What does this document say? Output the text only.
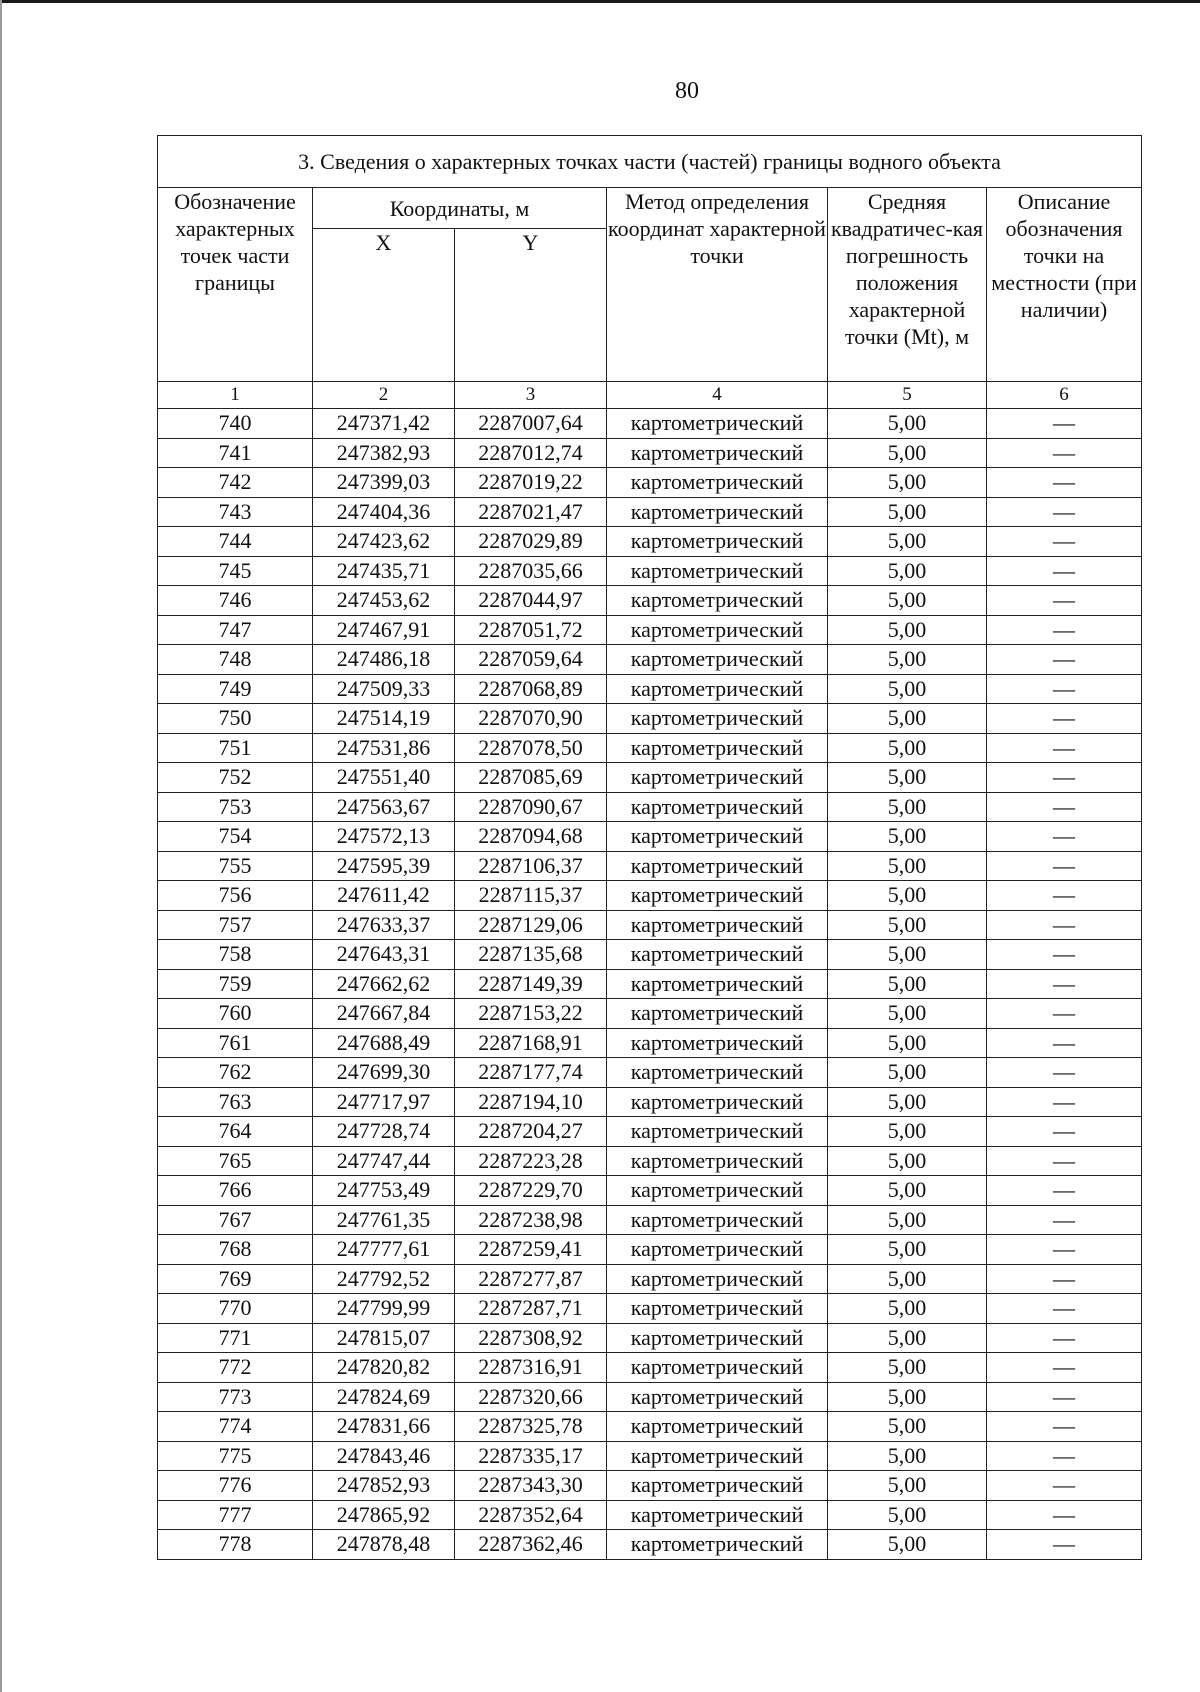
80
3. Сведения о характерных точках части (частей) границы водного объекта					
Обозначение характерных точек части границы	Координаты, м		Метод определения координат характерной точки	Средняя квадратичес-кая погрешность положения характерной точки (Mt), м	Описание обозначения точки на местности (при наличии)
	X	Y			
1	2	3	4	5	6
740	247371,42	2287007,64	картометрический	5,00	—
741	247382,93	2287012,74	картометрический	5,00	—
742	247399,03	2287019,22	картометрический	5,00	—
743	247404,36	2287021,47	картометрический	5,00	—
744	247423,62	2287029,89	картометрический	5,00	—
745	247435,71	2287035,66	картометрический	5,00	—
746	247453,62	2287044,97	картометрический	5,00	—
747	247467,91	2287051,72	картометрический	5,00	—
748	247486,18	2287059,64	картометрический	5,00	—
749	247509,33	2287068,89	картометрический	5,00	—
750	247514,19	2287070,90	картометрический	5,00	—
751	247531,86	2287078,50	картометрический	5,00	—
752	247551,40	2287085,69	картометрический	5,00	—
753	247563,67	2287090,67	картометрический	5,00	—
754	247572,13	2287094,68	картометрический	5,00	—
755	247595,39	2287106,37	картометрический	5,00	—
756	247611,42	2287115,37	картометрический	5,00	—
757	247633,37	2287129,06	картометрический	5,00	—
758	247643,31	2287135,68	картометрический	5,00	—
759	247662,62	2287149,39	картометрический	5,00	—
760	247667,84	2287153,22	картометрический	5,00	—
761	247688,49	2287168,91	картометрический	5,00	—
762	247699,30	2287177,74	картометрический	5,00	—
763	247717,97	2287194,10	картометрический	5,00	—
764	247728,74	2287204,27	картометрический	5,00	—
765	247747,44	2287223,28	картометрический	5,00	—
766	247753,49	2287229,70	картометрический	5,00	—
767	247761,35	2287238,98	картометрический	5,00	—
768	247777,61	2287259,41	картометрический	5,00	—
769	247792,52	2287277,87	картометрический	5,00	—
770	247799,99	2287287,71	картометрический	5,00	—
771	247815,07	2287308,92	картометрический	5,00	—
772	247820,82	2287316,91	картометрический	5,00	—
773	247824,69	2287320,66	картометрический	5,00	—
774	247831,66	2287325,78	картометрический	5,00	—
775	247843,46	2287335,17	картометрический	5,00	—
776	247852,93	2287343,30	картометрический	5,00	—
777	247865,92	2287352,64	картометрический	5,00	—
778	247878,48	2287362,46	картометрический	5,00	—
